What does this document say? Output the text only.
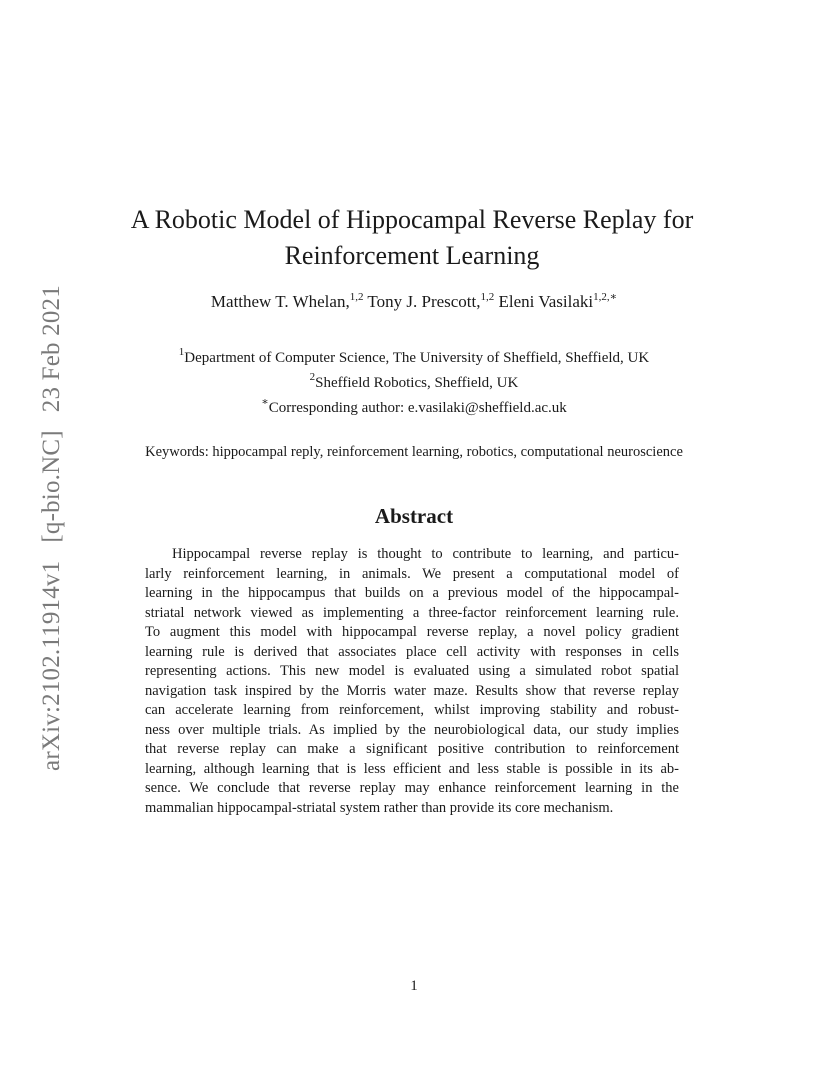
arXiv:2102.11914v1[q-bio.NC]23 Feb 2021
A Robotic Model of Hippocampal Reverse Replay for
Reinforcement Learning
Matthew T. Whelan,$^{1,2}$ Tony J. Prescott,$^{1,2}$ Eleni Vasilaki$^{1,2,∗}$
$^1$Department of Computer Science, The University of Sheffield, Sheffield, UK
$^2$Sheffield Robotics, Sheffield, UK
∗Corresponding author: e.vasilaki@sheffield.ac.uk
Keywords: hippocampal reply, reinforcement learning, robotics, computational neuroscience
Abstract
Hippocampal reverse replay is thought to contribute to learning, and particu-
larly reinforcement learning, in animals. We present a computational model of
learning in the hippocampus that builds on a previous model of the hippocampal-
striatal network viewed as implementing a three-factor reinforcement learning rule.
To augment this model with hippocampal reverse replay, a novel policy gradient
learning rule is derived that associates place cell activity with responses in cells
representing actions. This new model is evaluated using a simulated robot spatial
navigation task inspired by the Morris water maze. Results show that reverse replay
can accelerate learning from reinforcement, whilst improving stability and robust-
ness over multiple trials. As implied by the neurobiological data, our study implies
that reverse replay can make a significant positive contribution to reinforcement
learning, although learning that is less efficient and less stable is possible in its ab-
sence. We conclude that reverse replay may enhance reinforcement learning in the
mammalian hippocampal-striatal system rather than provide its core mechanism.
1
